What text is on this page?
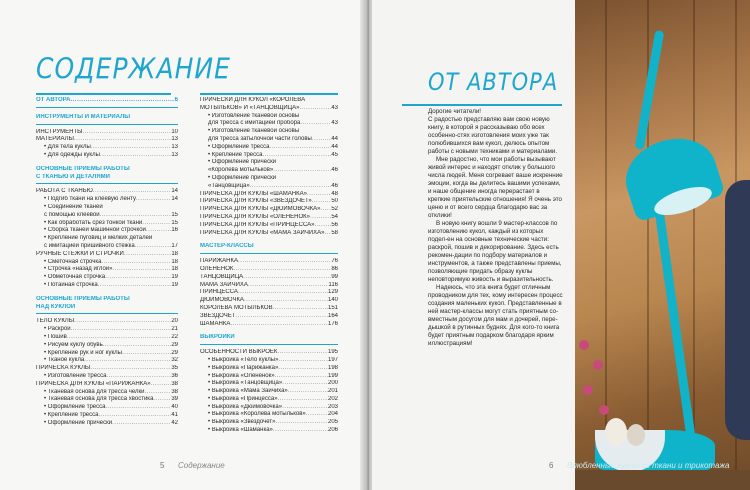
СОДЕРЖАНИЕ
ОТ АВТОРА .....	6
ИНСТРУМЕНТЫ И МАТЕРИАЛЫ
ИНСТРУМЕНТЫ .....	10
МАТЕРИАЛЫ .....	13
• Для тела куклы .....	13
• Для одежды куклы .....	13
ОСНОВНЫЕ ПРИЕМЫ РАБОТЫ
С ТКАНЬЮ И ДЕТАЛЯМИ
РАБОТА С ТКАНЬЮ .....	14
• Подгиб ткани на клеевую ленту .....	14
• Соединение тканей
с помощью клеевой .....	15
• Как обработать срез тонкой ткани .....	15
• Сборка тканей машинной строчкой .....	16
• Крепление пуговиц и мелких деталей
с имитацией пришивного стежка .....	17
РУЧНЫЕ СТЕЖКИ И СТРОЧКИ .....	18
• Сметочная строчка .....	18
• Строчка «назад иглой» .....	18
• Обметочная строчка .....	19
• Потайная строчка .....	19
ОСНОВНЫЕ ПРИЕМЫ РАБОТЫ
НАД КУКЛОЙ
ТЕЛО КУКЛЫ .....	20
• Раскрой .....	21
• Пошив .....	22
• Рисуем куклу обувь .....	29
• Крепление рук и ног куклы .....	29
• Тканое кукла .....	32
ПРИЧЕСКА КУКЛЫ .....	35
• Изготовление тресса .....	36
ПРИЧЕСКА ДЛЯ КУКЛЫ «ПАРИЖАНКА» .....	38
• Тканевая основа для тресса челки .....	38
• Тканевая основа для тресса хвостика .....	39
• Оформление тресса .....	40
• Крепление тресса .....	41
• Оформление прически .....	42
ПРИЧЕСКИ ДЛЯ КУКОЛ «КОРОЛЕВА
МОТЫЛЬКОВ» И «ТАНЦОВЩИЦА» .....	43
• Изготовление тканевой основы
для тресса с имитацией пробора .....	43
• Изготовление тканевой основы
для тресса затылочной части головы .....	44
• Оформление тресса .....	44
• Крепление тресса .....	45
• Оформление прически
«Королева мотыльков» .....	46
• Оформление прически
«Танцовщица» .....	46
ПРИЧЕСКА ДЛЯ КУКЛЫ «ШАМАНКА» .....	48
ПРИЧЕСКА ДЛЯ КУКЛЫ «ЗВЕЗДОЧЕТ» .....	50
ПРИЧЕСКА ДЛЯ КУКЛЫ «ДЮЙМОВОЧКА» ..... 52
ПРИЧЕСКА ДЛЯ КУКЛЫ «ОЛЕНЕНОК» .....	54
ПРИЧЕСКА ДЛЯ КУКЛЫ «ПРИНЦЕССА» .....	56
ПРИЧЕСКА ДЛЯ КУКЛЫ «МАМА ЗАЙЧИХА» ..... 58
МАСТЕР-КЛАССЫ
ПАРИЖАНКА .....	76
ОЛЕНЕНОК .....	86
ТАНЦОВЩИЦА .....	99
МАМА ЗАЙЧИХА .....	116
ПРИНЦЕССА .....	129
ДЮЙМОВОЧКА .....	140
КОРОЛЕВА МОТЫЛЬКОВ .....	151
ЗВЕЗДОЧЕТ .....	164
ШАМАНКА .....	176
ВЫКРОЙКИ
ОСОБЕННОСТИ ВЫКРОЕК .....	195
• Выкройка «Тело куклы» .....	197
• Выкройка «Парижанка» .....	198
• Выкройка «Олененок» .....	199
• Выкройка «Танцовщица» .....	200
• Выкройка «Мама Зайчиха» .....	201
• Выкройка «Принцесса» .....	202
• Выкройка «Дюймовочка» .....	203
• Выкройка «Королева мотыльков» .....	204
• Выкройка «Звездочет» .....	205
• Выкройка «Шаманка» .....	206
5 Содержание
ОТ АВТОРА

Дорогие читатели!

С радостью представляю вам свою новую книгу, в которой я рассказываю обо всех особенно-стях изготовления моих уже так полюбившихся вам кукол, делюсь опытом работы с новыми техниками и материалами.

Мне радостно, что мои работы вызывают живой интерес и находят отклик у большого числа людей. Меня согревает ваше искренние эмоции, когда вы делитесь вашими успехами, и наше общение иногда перерастает в крепкие приятельские отношения! Я очень это ценю и от всего сердца благодарю вас за отклики!

В новую книгу вошли 9 мастер-классов по изготовлению кукол, каждый из которых подел-ен на основные технические части: раскрой, пошив и декорирование. Здесь есть рекомен-дации по подбору материалов и инструментов, а также представлены приемы, позволяющие придать образу куклы неповторимую живость и выразительность.

Надеюсь, что эта книга будет отличным проводником для тех, кому интересен процесс создания маленьких кукол. Представленные в ней мастер-классы могут стать приятным со-вместным досугом для мам и дочерей, пере-дышкой в рутинных буднях. Для кого-то книга будет приятным подарком благодаря ярким иллюстрациям!

6 Влюбленные куклы из ткани и трикотажа
